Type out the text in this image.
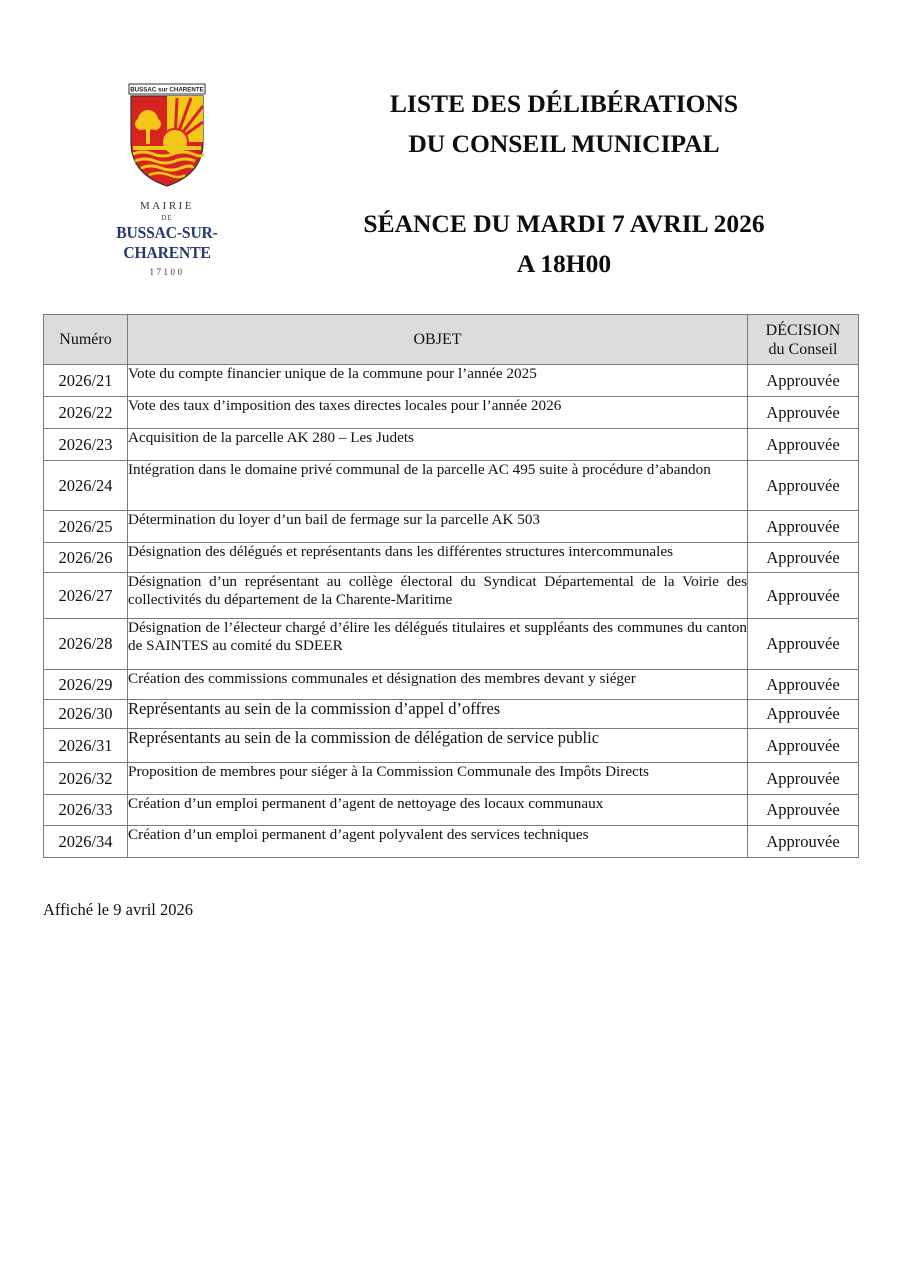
BUSSAC sur CHARENTE
MAIRIE
DE
BUSSAC-SUR-CHARENTE
17100
LISTE DES DÉLIBÉRATIONS
DU CONSEIL MUNICIPAL
SÉANCE DU MARDI 7 AVRIL 2026
A 18H00
Numéro	OBJET	DÉCISION
du Conseil
2026/21	Vote du compte financier unique de la commune pour l’année 2025	Approuvée
2026/22	Vote des taux d’imposition des taxes directes locales pour l’année 2026	Approuvée
2026/23	Acquisition de la parcelle AK 280 – Les Judets	Approuvée
2026/24	Intégration dans le domaine privé communal de la parcelle AC 495 suite à procédure d’abandon	Approuvée
2026/25	Détermination du loyer d’un bail de fermage sur la parcelle AK 503	Approuvée
2026/26	Désignation des délégués et représentants dans les différentes structures intercommunales	Approuvée
2026/27	Désignation d’un représentant au collège électoral du Syndicat Départemental de la Voirie des collectivités du département de la Charente-Maritime	Approuvée
2026/28	Désignation de l’électeur chargé d’élire les délégués titulaires et suppléants des communes du canton de SAINTES au comité du SDEER	Approuvée
2026/29	Création des commissions communales et désignation des membres devant y siéger	Approuvée
2026/30	Représentants au sein de la commission d’appel d’offres	Approuvée
2026/31	Représentants au sein de la commission de délégation de service public	Approuvée
2026/32	Proposition de membres pour siéger à la Commission Communale des Impôts Directs	Approuvée
2026/33	Création d’un emploi permanent d’agent de nettoyage des locaux communaux	Approuvée
2026/34	Création d’un emploi permanent d’agent polyvalent des services techniques	Approuvée
Affiché le 9 avril 2026
